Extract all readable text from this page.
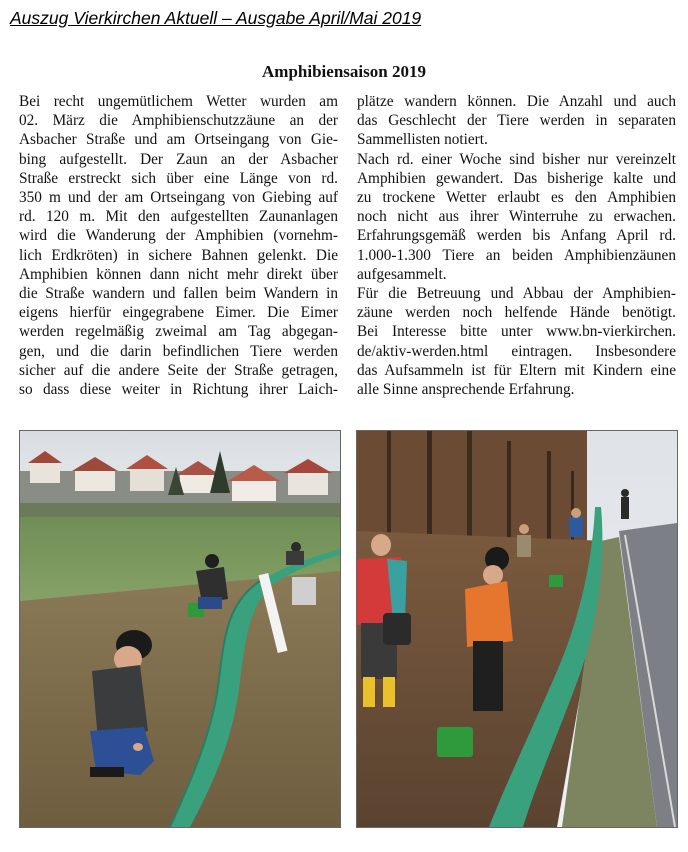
Auszug Vierkirchen Aktuell – Ausgabe April/Mai 2019
Amphibiensaison 2019
Bei recht ungemütlichem Wetter wurden am
02. März die Amphibienschutzzäune an der
Asbacher Straße und am Ortseingang von Gie-
bing aufgestellt. Der Zaun an der Asbacher
Straße erstreckt sich über eine Länge von rd.
350 m und der am Ortseingang von Giebing auf
rd. 120 m. Mit den aufgestellten Zaunanlagen
wird die Wanderung der Amphibien (vornehm-
lich Erdkröten) in sichere Bahnen gelenkt. Die
Amphibien können dann nicht mehr direkt über
die Straße wandern und fallen beim Wandern in
eigens hierfür eingegrabene Eimer. Die Eimer
werden regelmäßig zweimal am Tag abgegan-
gen, und die darin befindlichen Tiere werden
sicher auf die andere Seite der Straße getragen,
so dass diese weiter in Richtung ihrer Laich-
plätze wandern können. Die Anzahl und auch
das Geschlecht der Tiere werden in separaten
Sammellisten notiert.
Nach rd. einer Woche sind bisher nur vereinzelt
Amphibien gewandert. Das bisherige kalte und
zu trockene Wetter erlaubt es den Amphibien
noch nicht aus ihrer Winterruhe zu erwachen.
Erfahrungsgemäß werden bis Anfang April rd.
1.000-1.300 Tiere an beiden Amphibienzäunen
aufgesammelt.
Für die Betreuung und Abbau der Amphibien-
zäune werden noch helfende Hände benötigt.
Bei Interesse bitte unter www.bn-vierkirchen.
de/aktiv-werden.html eintragen. Insbesondere
das Aufsammeln ist für Eltern mit Kindern eine
alle Sinne ansprechende Erfahrung.
